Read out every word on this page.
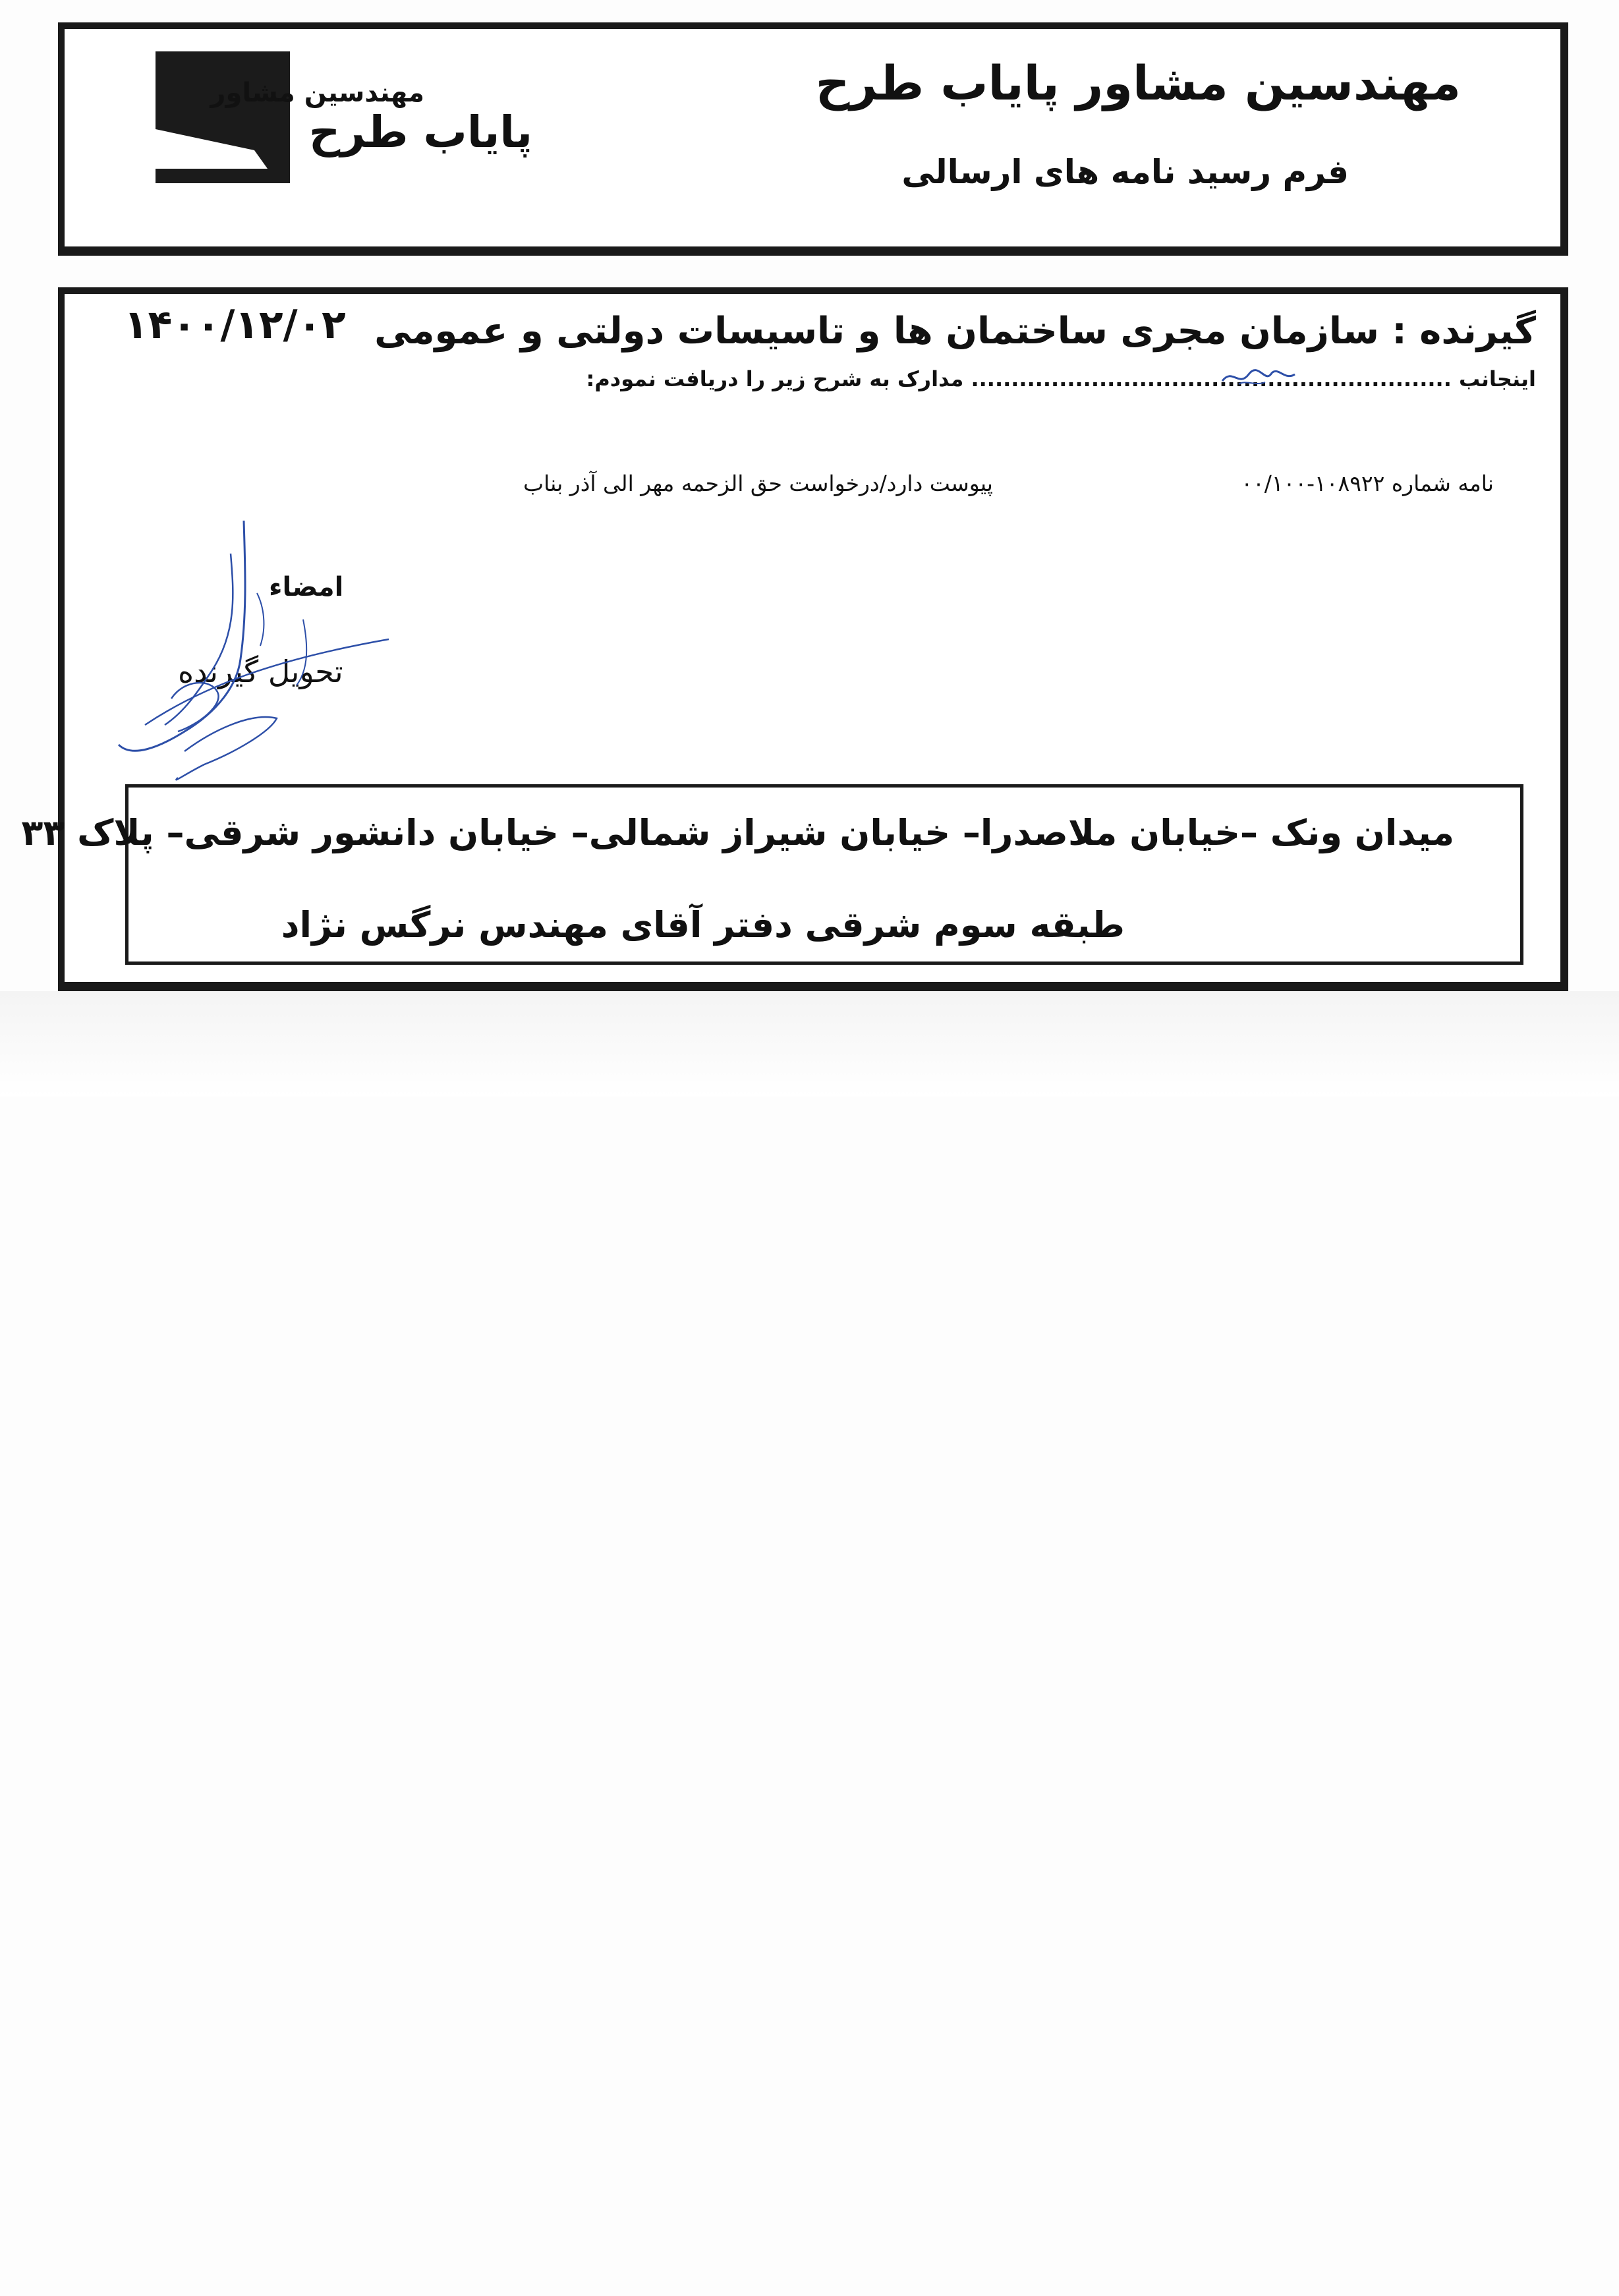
مهندسین مشاور
پایاب طرح
مهندسین مشاور پایاب طرح
فرم رسید نامه های ارسالی
گیرنده : سازمان مجری ساختمان ها و تاسیسات دولتی و عمومی
۱۴۰۰/۱۲/۰۲
اینجانب ............................................................ مدارک به شرح زیر را دریافت نمودم:
نامه شماره ۱۰۸۹۲۲-۰۰/۱۰۰
پیوست دارد/درخواست حق الزحمه مهر الی آذر بناب
امضاء
تحویل گیرنده
میدان ونک –خیابان ملاصدرا– خیابان شیراز شمالی– خیابان دانشور شرقی– پلاک ۳۳
طبقه سوم شرقی دفتر آقای مهندس نرگس نژاد
